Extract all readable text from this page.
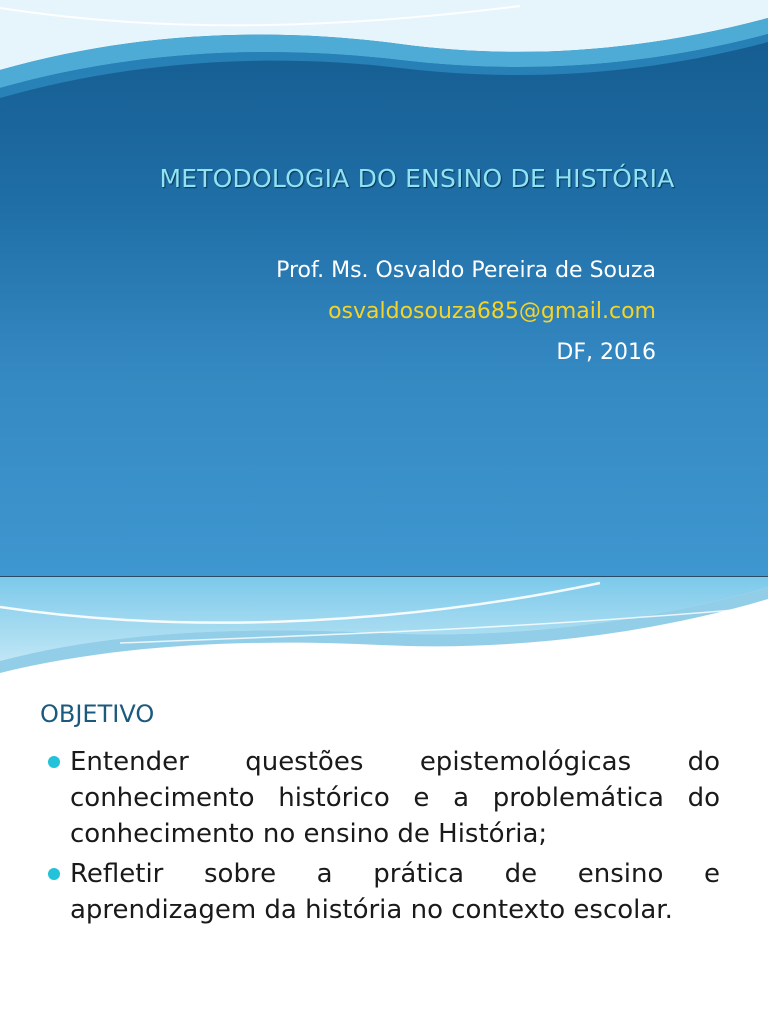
METODOLOGIA DO ENSINO DE HISTÓRIA
Prof. Ms. Osvaldo Pereira de Souza
osvaldosouza685@gmail.com
DF, 2016
OBJETIVO
Entender questões epistemológicas do conhecimento histórico e a problemática do conhecimento no ensino de História;
Refletir sobre a prática de ensino e aprendizagem da história no contexto escolar.
